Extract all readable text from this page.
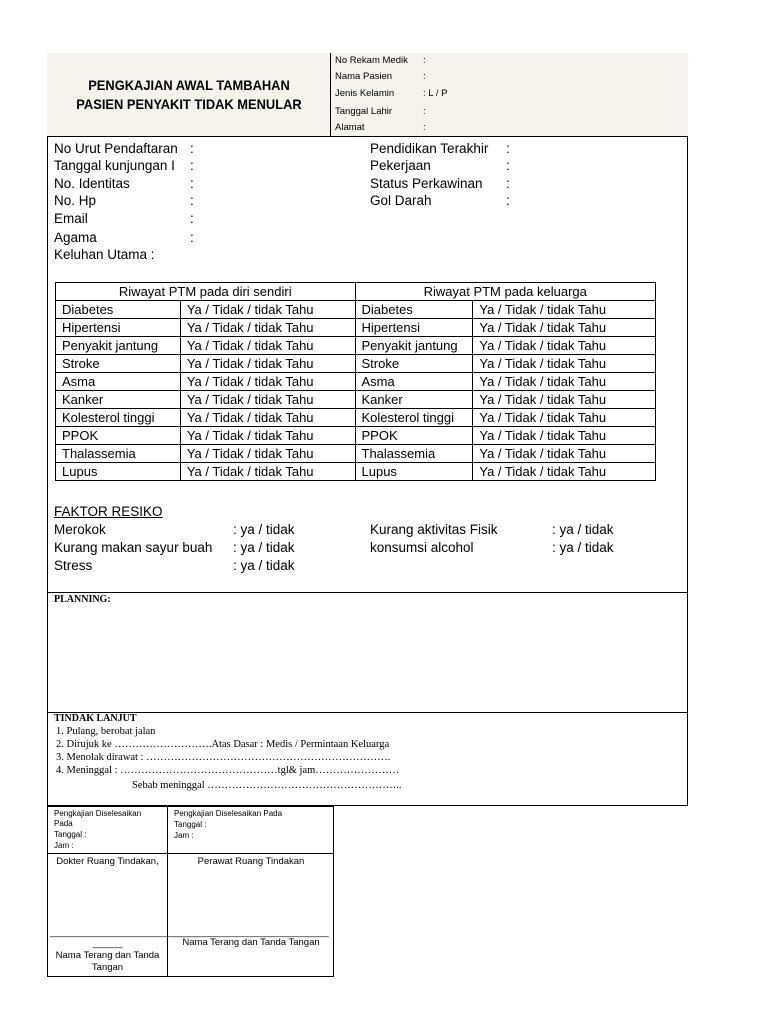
PENGKAJIAN AWAL TAMBAHAN
PASIEN PENYAKIT TIDAK MENULAR
No Rekam Medik :
Nama Pasien	:
Jenis Kelamin	: L / P
Tanggal Lahir	:
Alamat	:
No Urut Pendaftaran :
Tanggal kunjungan I :
No. Identitas	:
No. Hp	:
Email	:
Agama	:
Keluhan Utama :
Pendidikan Terakhir :
Pekerjaan	:
Status Perkawinan :
Gol Darah	:
Riwayat PTM pada diri sendiri		Riwayat PTM pada keluarga	
Diabetes	Ya / Tidak / tidak Tahu	Diabetes	Ya / Tidak / tidak Tahu
Hipertensi	Ya / Tidak / tidak Tahu	Hipertensi	Ya / Tidak / tidak Tahu
Penyakit jantung	Ya / Tidak / tidak Tahu	Penyakit jantung	Ya / Tidak / tidak Tahu
Stroke	Ya / Tidak / tidak Tahu	Stroke	Ya / Tidak / tidak Tahu
Asma	Ya / Tidak / tidak Tahu	Asma	Ya / Tidak / tidak Tahu
Kanker	Ya / Tidak / tidak Tahu	Kanker	Ya / Tidak / tidak Tahu
Kolesterol tinggi	Ya / Tidak / tidak Tahu	Kolesterol tinggi	Ya / Tidak / tidak Tahu
PPOK	Ya / Tidak / tidak Tahu	PPOK	Ya / Tidak / tidak Tahu
Thalassemia	Ya / Tidak / tidak Tahu	Thalassemia	Ya / Tidak / tidak Tahu
Lupus	Ya / Tidak / tidak Tahu	Lupus	Ya / Tidak / tidak Tahu
FAKTOR RESIKO
Merokok	: ya / tidak
Kurang makan sayur buah : ya / tidak
Stress	: ya / tidak
Kurang aktivitas Fisik	: ya / tidak
konsumsi alcohol	: ya / tidak
PLANNING:
TINDAK LANJUT
1. Pulang, berobat jalan
2. Dirujuk ke ……………………….Atas Dasar : Medis / Permintaan Keluarga
3. Menolak dirawat : …………………………………………………………….
4. Meninggal : ………………………………………tgl& jam……………………
Sebab meninggal ………………………………………………..
Pengkajian Diselesaikan
Pada
Tanggal :
Jam :
Pengkajian Diselesaikan Pada
Tanggal :
Jam :
Dokter Ruang Tindakan,	Perawat Ruang Tindakan
______________________________
______
Nama Terang dan Tanda
Tangan
_______________________________
Nama Terang dan Tanda Tangan
